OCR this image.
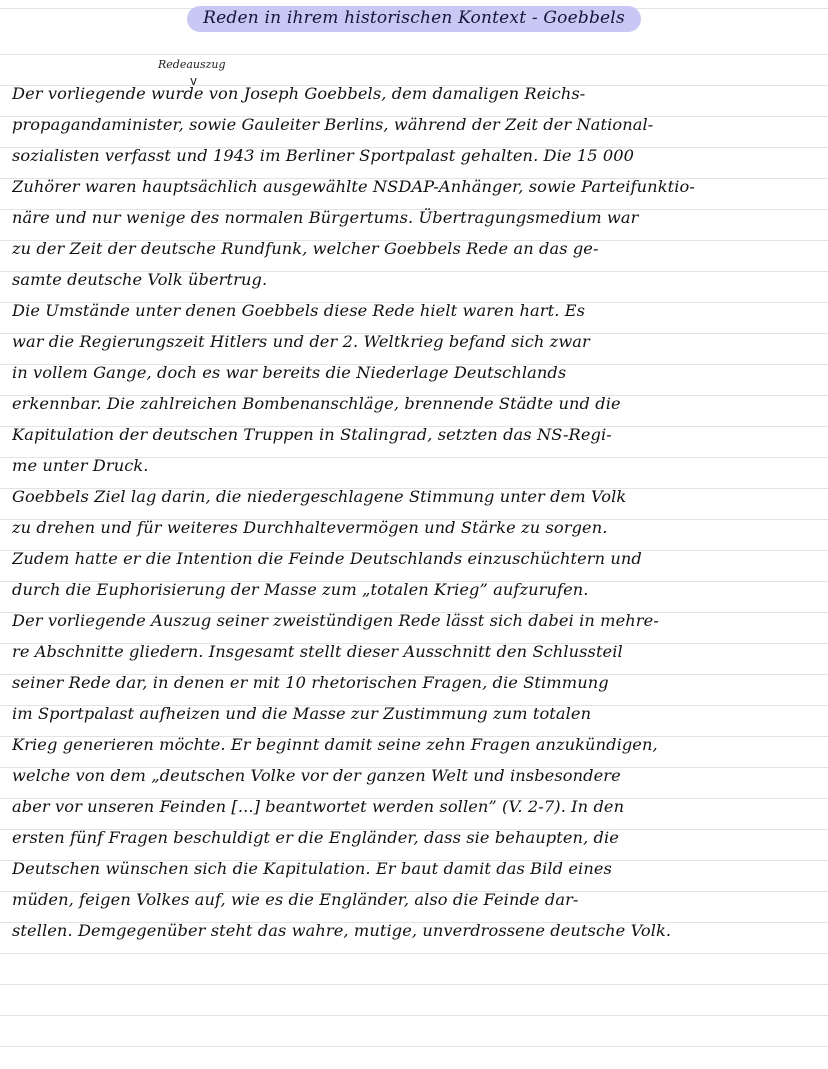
Reden in ihrem historischen Kontext - Goebbels
Redeauszug
v
Der vorliegende wurde von Joseph Goebbels, dem damaligen Reichs-
propagandaminister, sowie Gauleiter Berlins, während der Zeit der National-
sozialisten verfasst und 1943 im Berliner Sportpalast gehalten. Die 15 000
Zuhörer waren hauptsächlich ausgewählte NSDAP-Anhänger, sowie Parteifunktio-
näre und nur wenige des normalen Bürgertums. Übertragungsmedium war
zu der Zeit der deutsche Rundfunk, welcher Goebbels Rede an das ge-
samte deutsche Volk übertrug.
Die Umstände unter denen Goebbels diese Rede hielt waren hart. Es
war die Regierungszeit Hitlers und der 2. Weltkrieg befand sich zwar
in vollem Gange, doch es war bereits die Niederlage Deutschlands
erkennbar. Die zahlreichen Bombenanschläge, brennende Städte und die
Kapitulation der deutschen Truppen in Stalingrad, setzten das NS-Regi-
me unter Druck.
Goebbels Ziel lag darin, die niedergeschlagene Stimmung unter dem Volk
zu drehen und für weiteres Durchhaltevermögen und Stärke zu sorgen.
Zudem hatte er die Intention die Feinde Deutschlands einzuschüchtern und
durch die Euphorisierung der Masse zum „totalen Krieg” aufzurufen.
Der vorliegende Auszug seiner zweistündigen Rede lässt sich dabei in mehre-
re Abschnitte gliedern. Insgesamt stellt dieser Ausschnitt den Schlussteil
seiner Rede dar, in denen er mit 10 rhetorischen Fragen, die Stimmung
im Sportpalast aufheizen und die Masse zur Zustimmung zum totalen
Krieg generieren möchte. Er beginnt damit seine zehn Fragen anzukündigen,
welche von dem „deutschen Volke vor der ganzen Welt und insbesondere
aber vor unseren Feinden [...] beantwortet werden sollen” (V. 2-7). In den
ersten fünf Fragen beschuldigt er die Engländer, dass sie behaupten, die
Deutschen wünschen sich die Kapitulation. Er baut damit das Bild eines
müden, feigen Volkes auf, wie es die Engländer, also die Feinde dar-
stellen. Demgegenüber steht das wahre, mutige, unverdrossene deutsche Volk.
